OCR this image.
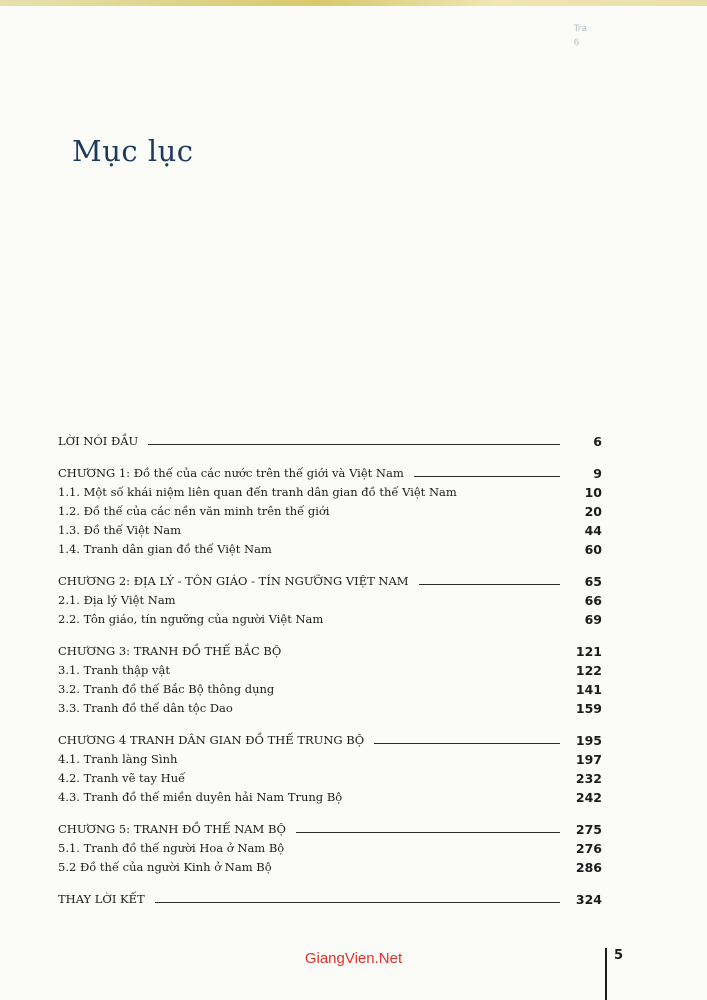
Tra
6
Mục lục
LỜI NÓI ĐẦU	6
CHƯƠNG 1: Đồ thế của các nước trên thế giới và Việt Nam	9
1.1. Một số khái niệm liên quan đến tranh dân gian đồ thế Việt Nam	10
1.2. Đồ thế của các nền văn minh trên thế giới	20
1.3. Đồ thế Việt Nam	44
1.4. Tranh dân gian đồ thế Việt Nam	60
CHƯƠNG 2: ĐỊA LÝ - TÔN GIÁO - TÍN NGƯỠNG VIỆT NAM	65
2.1. Địa lý Việt Nam	66
2.2. Tôn giáo, tín ngưỡng của người Việt Nam	69
CHƯƠNG 3: TRANH ĐỒ THẾ BẮC BỘ	121
3.1. Tranh thập vật	122
3.2. Tranh đồ thế Bắc Bộ thông dụng	141
3.3. Tranh đồ thế dân tộc Dao	159
CHƯƠNG 4 TRANH DÂN GIAN ĐỒ THẾ TRUNG BỘ	195
4.1. Tranh làng Sình	197
4.2. Tranh vẽ tay Huế	232
4.3. Tranh đồ thế miền duyên hải Nam Trung Bộ	242
CHƯƠNG 5: TRANH ĐỒ THẾ NAM BỘ	275
5.1. Tranh đồ thế người Hoa ở Nam Bộ	276
5.2 Đồ thế của người Kinh ở Nam Bộ	286
THAY LỜI KẾT	324
GiangVien.Net	5
